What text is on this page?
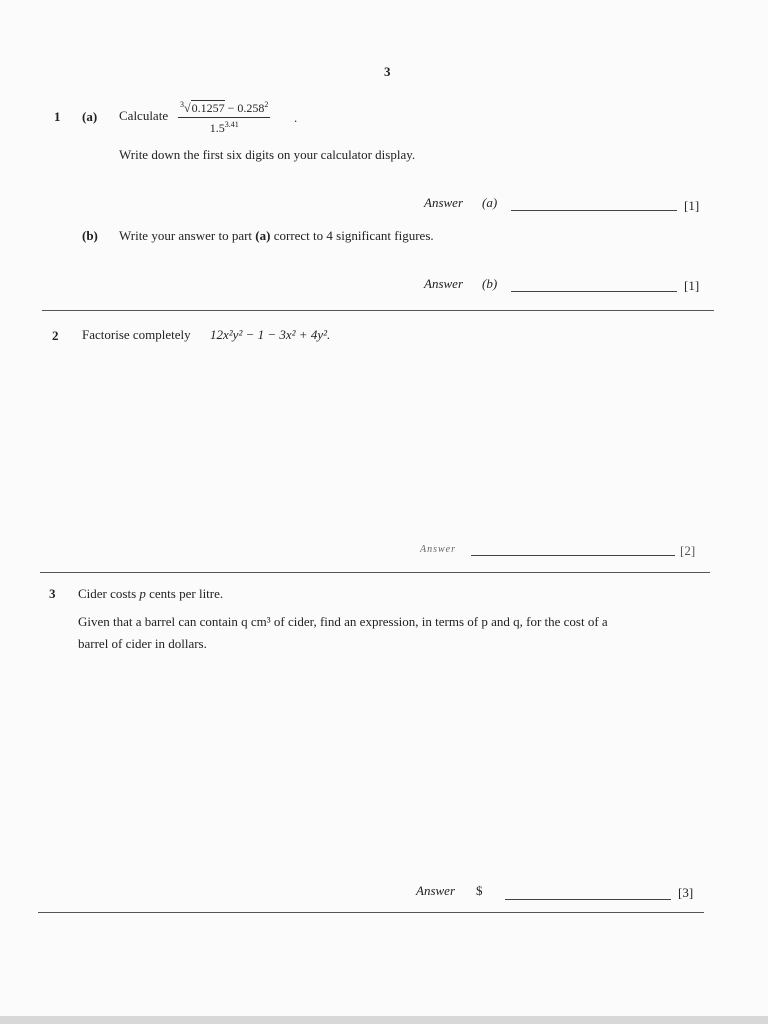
3
1 (a) Calculate $\frac{^3√0.1257 - 0.258^2}{1.5^{3.41}}$ .
Write down the first six digits on your calculator display.
Answer (a)	[1]
(b) Write your answer to part (a) correct to 4 significant figures.
Answer (b)	[1]
2 Factorise completely 12x²y² − 1 − 3x² + 4y².
Answer	[2]
3 Cider costs p cents per litre.
Given that a barrel can contain q cm³ of cider, find an expression, in terms of p and q, for the cost of a
barrel of cider in dollars.
Answer $	[3]
